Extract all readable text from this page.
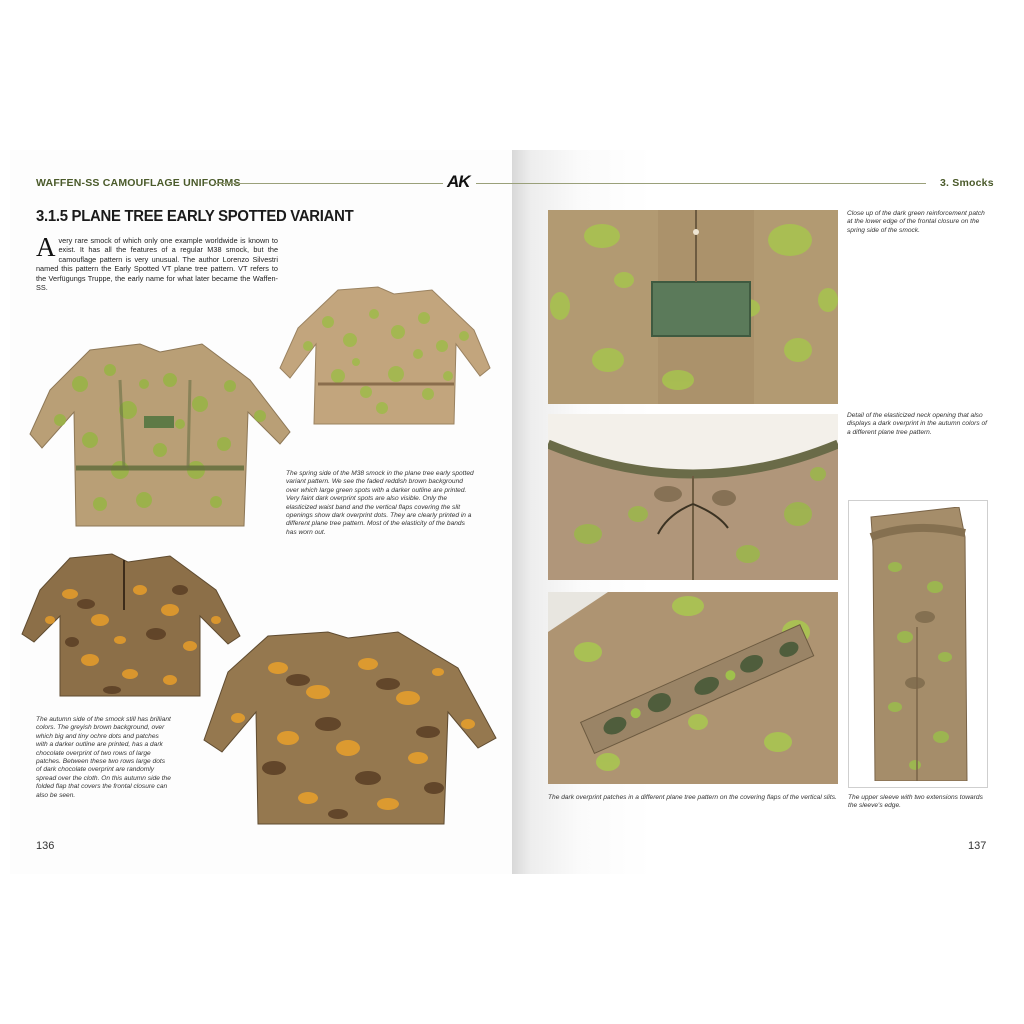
WAFFEN-SS CAMOUFLAGE UNIFORMS	AK
3.1.5 PLANE TREE EARLY SPOTTED VARIANT
Avery rare smock of which only one example worldwide is known to exist. It has all the features of a regular M38 smock, but the camouflage pattern is very unusual. The author Lorenzo Silvestri named this pattern the Early Spotted VT plane tree pattern. VT refers to the Verfügungs Truppe, the early name for what later became the Waffen-SS.
The spring side of the M38 smock in the plane tree early spotted variant pattern. We see the faded reddish brown background over which large green spots with a darker outline are printed. Very faint dark overprint spots are also visible. Only the elasticized waist band and the vertical flaps covering the slit openings show dark overprint dots. They are clearly printed in a different plane tree pattern. Most of the elasticity of the bands has worn out.
The autumn side of the smock still has brilliant colors. The greyish brown background, over which big and tiny ochre dots and patches with a darker outline are printed, has a dark chocolate overprint of two rows of large patches. Between these two rows large dots of dark chocolate overprint are randomly spread over the cloth. On this autumn side the folded flap that covers the frontal closure can also be seen.
136
3. Smocks
Close up of the dark green reinforcement patch at the lower edge of the frontal closure on the spring side of the smock.
Detail of the elasticized neck opening that also displays a dark overprint in the autumn colors of a different plane tree pattern.
The dark overprint patches in a different plane tree pattern on the covering flaps of the vertical slits.	The upper sleeve with two extensions towards the sleeve's edge.
137
